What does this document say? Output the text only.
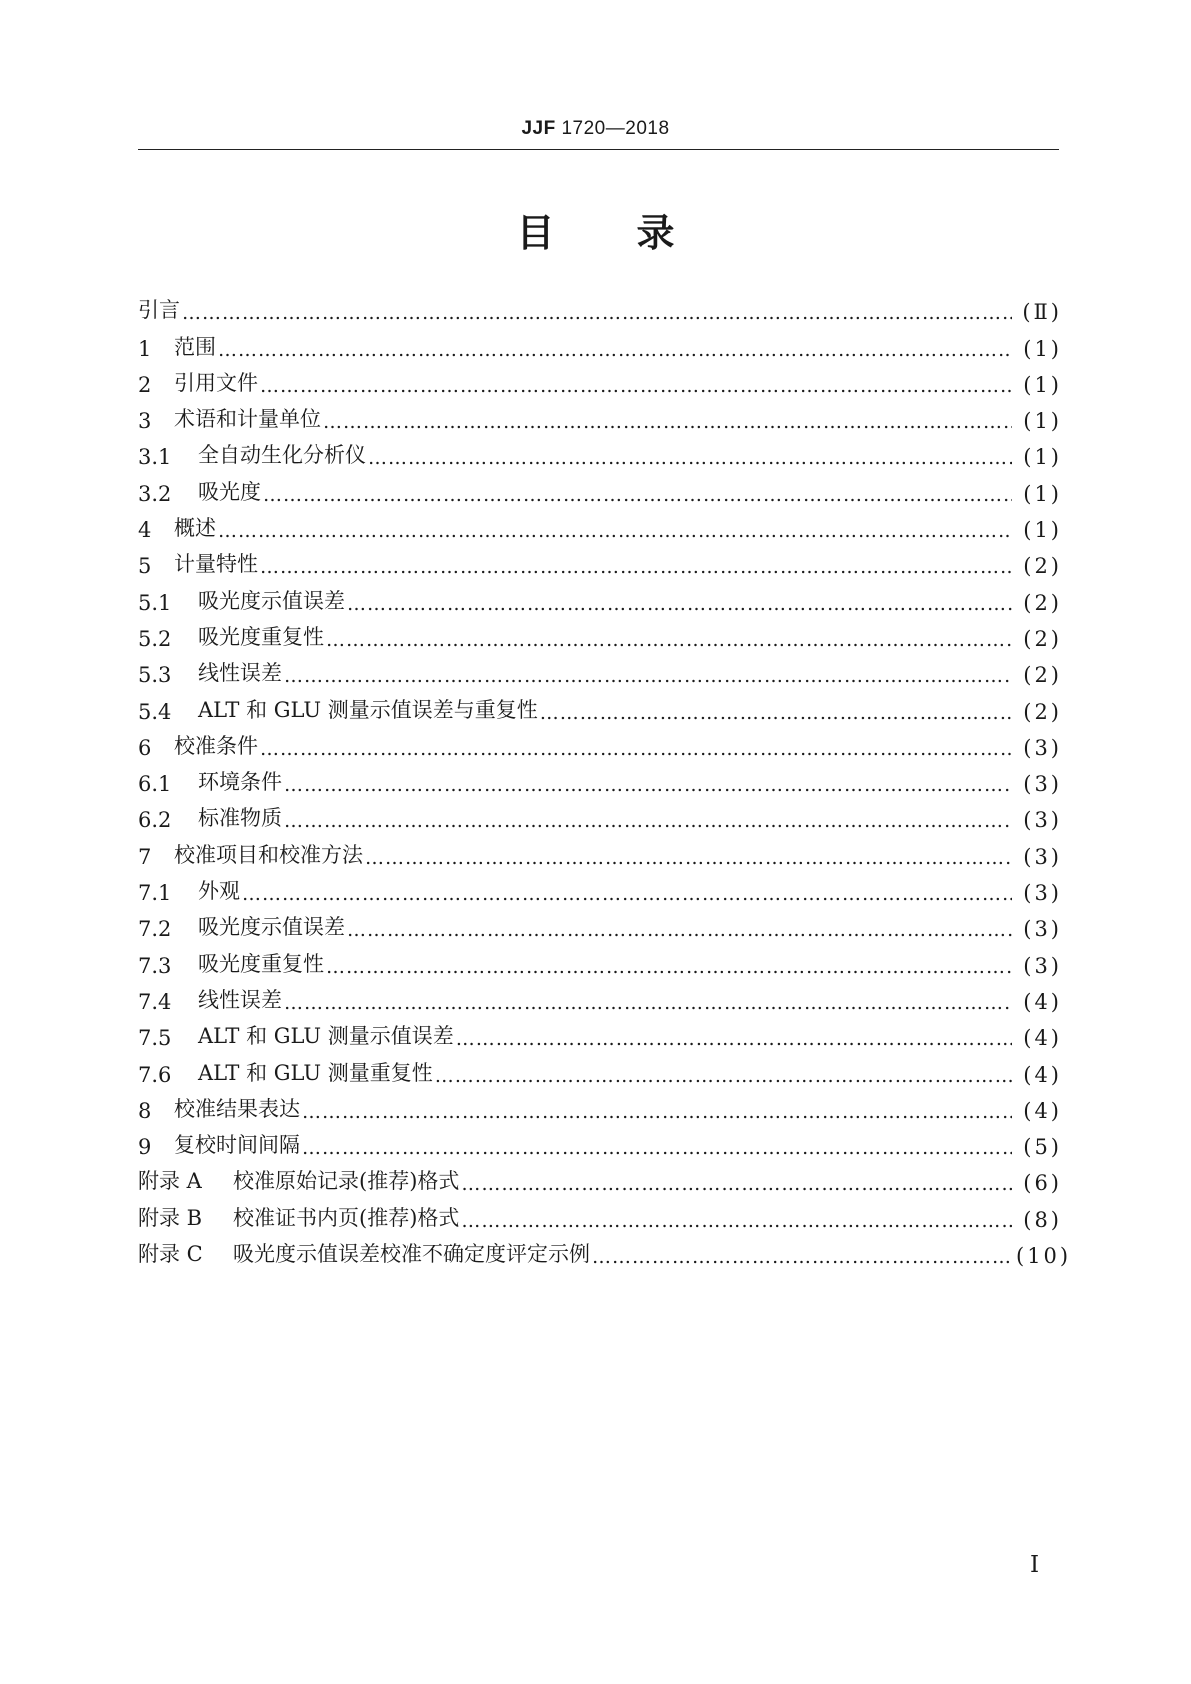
JJF 1720—2018
目 录
引言 ………………………………………………………………………………………………………………………………………………………………………………………………………………………………	(Ⅱ)
1	范围 ………………………………………………………………………………………………………………………………………………………………………………………………………………………………	(1)
2	引用文件 ………………………………………………………………………………………………………………………………………………………………………………………………………………………………	(1)
3	术语和计量单位 ………………………………………………………………………………………………………………………………………………………………………………………………………………………………	(1)
3.1	全自动生化分析仪 ………………………………………………………………………………………………………………………………………………………………………………………………………………………………	(1)
3.2	吸光度 ………………………………………………………………………………………………………………………………………………………………………………………………………………………………	(1)
4	概述 ………………………………………………………………………………………………………………………………………………………………………………………………………………………………	(1)
5	计量特性 ………………………………………………………………………………………………………………………………………………………………………………………………………………………………	(2)
5.1	吸光度示值误差 ………………………………………………………………………………………………………………………………………………………………………………………………………………………………	(2)
5.2	吸光度重复性 ………………………………………………………………………………………………………………………………………………………………………………………………………………………………	(2)
5.3	线性误差 ………………………………………………………………………………………………………………………………………………………………………………………………………………………………	(2)
5.4	ALT 和 GLU 测量示值误差与重复性 ………………………………………………………………………………………………………………………………………………………………………………………………………………………………	(2)
6	校准条件 ………………………………………………………………………………………………………………………………………………………………………………………………………………………………	(3)
6.1	环境条件 ………………………………………………………………………………………………………………………………………………………………………………………………………………………………	(3)
6.2	标准物质 ………………………………………………………………………………………………………………………………………………………………………………………………………………………………	(3)
7	校准项目和校准方法 ………………………………………………………………………………………………………………………………………………………………………………………………………………………………	(3)
7.1	外观 ………………………………………………………………………………………………………………………………………………………………………………………………………………………………	(3)
7.2	吸光度示值误差 ………………………………………………………………………………………………………………………………………………………………………………………………………………………………	(3)
7.3	吸光度重复性 ………………………………………………………………………………………………………………………………………………………………………………………………………………………………	(3)
7.4	线性误差 ………………………………………………………………………………………………………………………………………………………………………………………………………………………………	(4)
7.5	ALT 和 GLU 测量示值误差 ………………………………………………………………………………………………………………………………………………………………………………………………………………………………	(4)
7.6	ALT 和 GLU 测量重复性 ………………………………………………………………………………………………………………………………………………………………………………………………………………………………	(4)
8	校准结果表达 ………………………………………………………………………………………………………………………………………………………………………………………………………………………………	(4)
9	复校时间间隔 ………………………………………………………………………………………………………………………………………………………………………………………………………………………………	(5)
附录 A	校准原始记录(推荐)格式 ………………………………………………………………………………………………………………………………………………………………………………………………………………………………	(6)
附录 B	校准证书内页(推荐)格式 ………………………………………………………………………………………………………………………………………………………………………………………………………………………………	(8)
附录 C	吸光度示值误差校准不确定度评定示例 ………………………………………………………………………………………………………………………………………………………………………………………………………………………………	(10)
I
